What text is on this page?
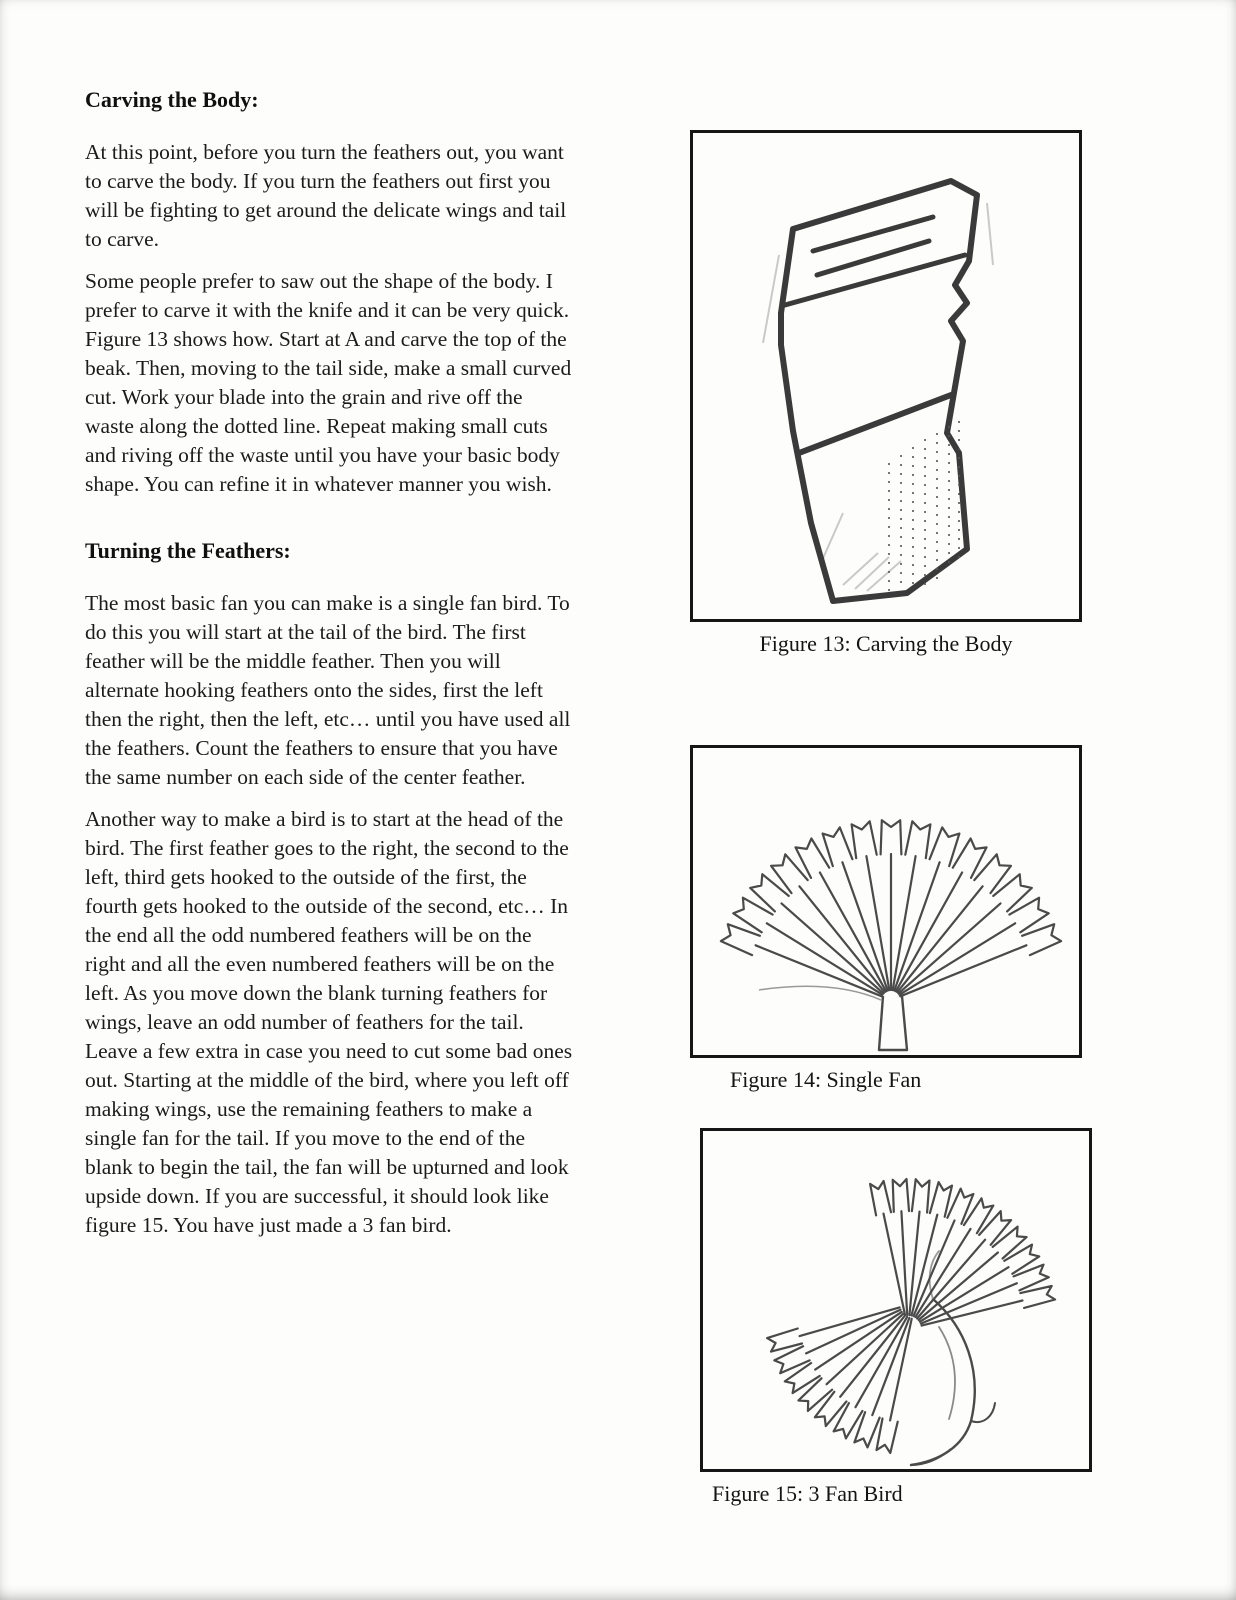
Carving the Body:

At this point, before you turn the feathers out, you want to carve the body. If you turn the feathers out first you will be fighting to get around the delicate wings and tail to carve.

Some people prefer to saw out the shape of the body. I prefer to carve it with the knife and it can be very quick. Figure 13 shows how. Start at A and carve the top of the beak. Then, moving to the tail side, make a small curved cut. Work your blade into the grain and rive off the waste along the dotted line. Repeat making small cuts and riving off the waste until you have your basic body shape. You can refine it in whatever manner you wish.

Turning the Feathers:

The most basic fan you can make is a single fan bird. To do this you will start at the tail of the bird. The first feather will be the middle feather. Then you will alternate hooking feathers onto the sides, first the left then the right, then the left, etc… until you have used all the feathers. Count the feathers to ensure that you have the same number on each side of the center feather.

Another way to make a bird is to start at the head of the bird. The first feather goes to the right, the second to the left, third gets hooked to the outside of the first, the fourth gets hooked to the outside of the second, etc… In the end all the odd numbered feathers will be on the right and all the even numbered feathers will be on the left. As you move down the blank turning feathers for wings, leave an odd number of feathers for the tail. Leave a few extra in case you need to cut some bad ones out. Starting at the middle of the bird, where you left off making wings, use the remaining feathers to make a single fan for the tail. If you move to the end of the blank to begin the tail, the fan will be upturned and look upside down. If you are successful, it should look like figure 15. You have just made a 3 fan bird.

Figure 13: Carving the Body
Figure 14: Single Fan
Figure 15: 3 Fan Bird
